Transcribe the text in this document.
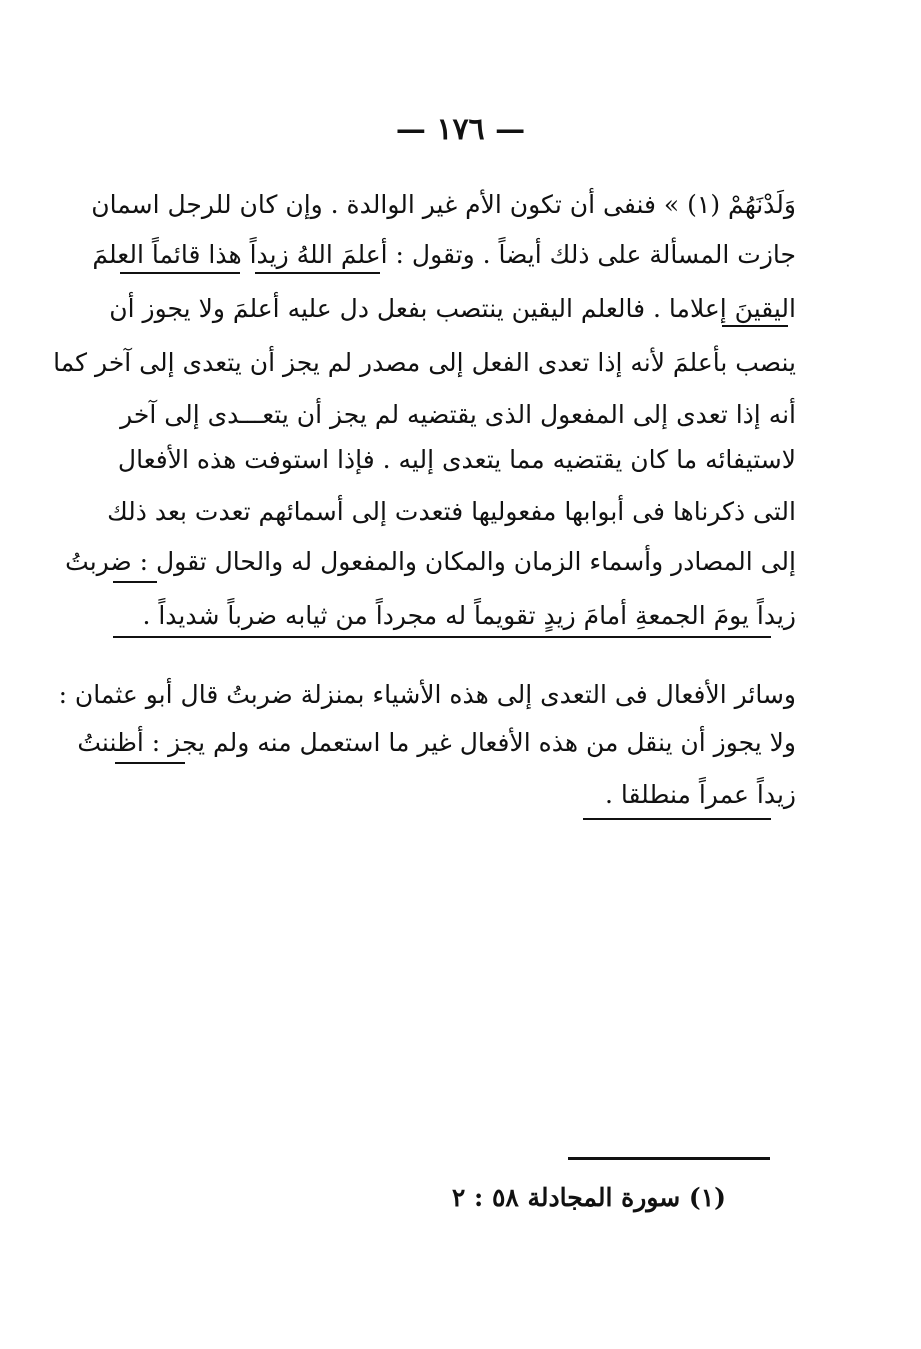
— ١٧٦ —
وَلَدْنَهُمْ (١) » فنفى أن تكون الأم غير الوالدة . وإن كان للرجل اسمان
جازت المسألة على ذلك أيضاً . وتقول : أعلمَ اللهُ زيداً هذا قائماً العلمَ
اليقينَ إعلاما . فالعلم اليقين ينتصب بفعل دل عليه أعلمَ ولا يجوز أن
ينصب بأعلمَ لأنه إذا تعدى الفعل إلى مصدر لم يجز أن يتعدى إلى آخر كما
أنه إذا تعدى إلى المفعول الذى يقتضيه لم يجز أن يتعـــدى إلى آخر
لاستيفائه ما كان يقتضيه مما يتعدى إليه . فإذا استوفت هذه الأفعال
التى ذكرناها فى أبوابها مفعوليها فتعدت إلى أسمائهم تعدت بعد ذلك
إلى المصادر وأسماء الزمان والمكان والمفعول له والحال تقول : ضربتُ
زيداً يومَ الجمعةِ أمامَ زيدٍ تقويماً له مجرداً من ثيابه ضرباً شديداً .
وسائر الأفعال فى التعدى إلى هذه الأشياء بمنزلة ضربتُ قال أبو عثمان :
ولا يجوز أن ينقل من هذه الأفعال غير ما استعمل منه ولم يجز : أظننتُ
زيداً عمراً منطلقا .
(١) سورة المجادلة ٥٨ : ٢
